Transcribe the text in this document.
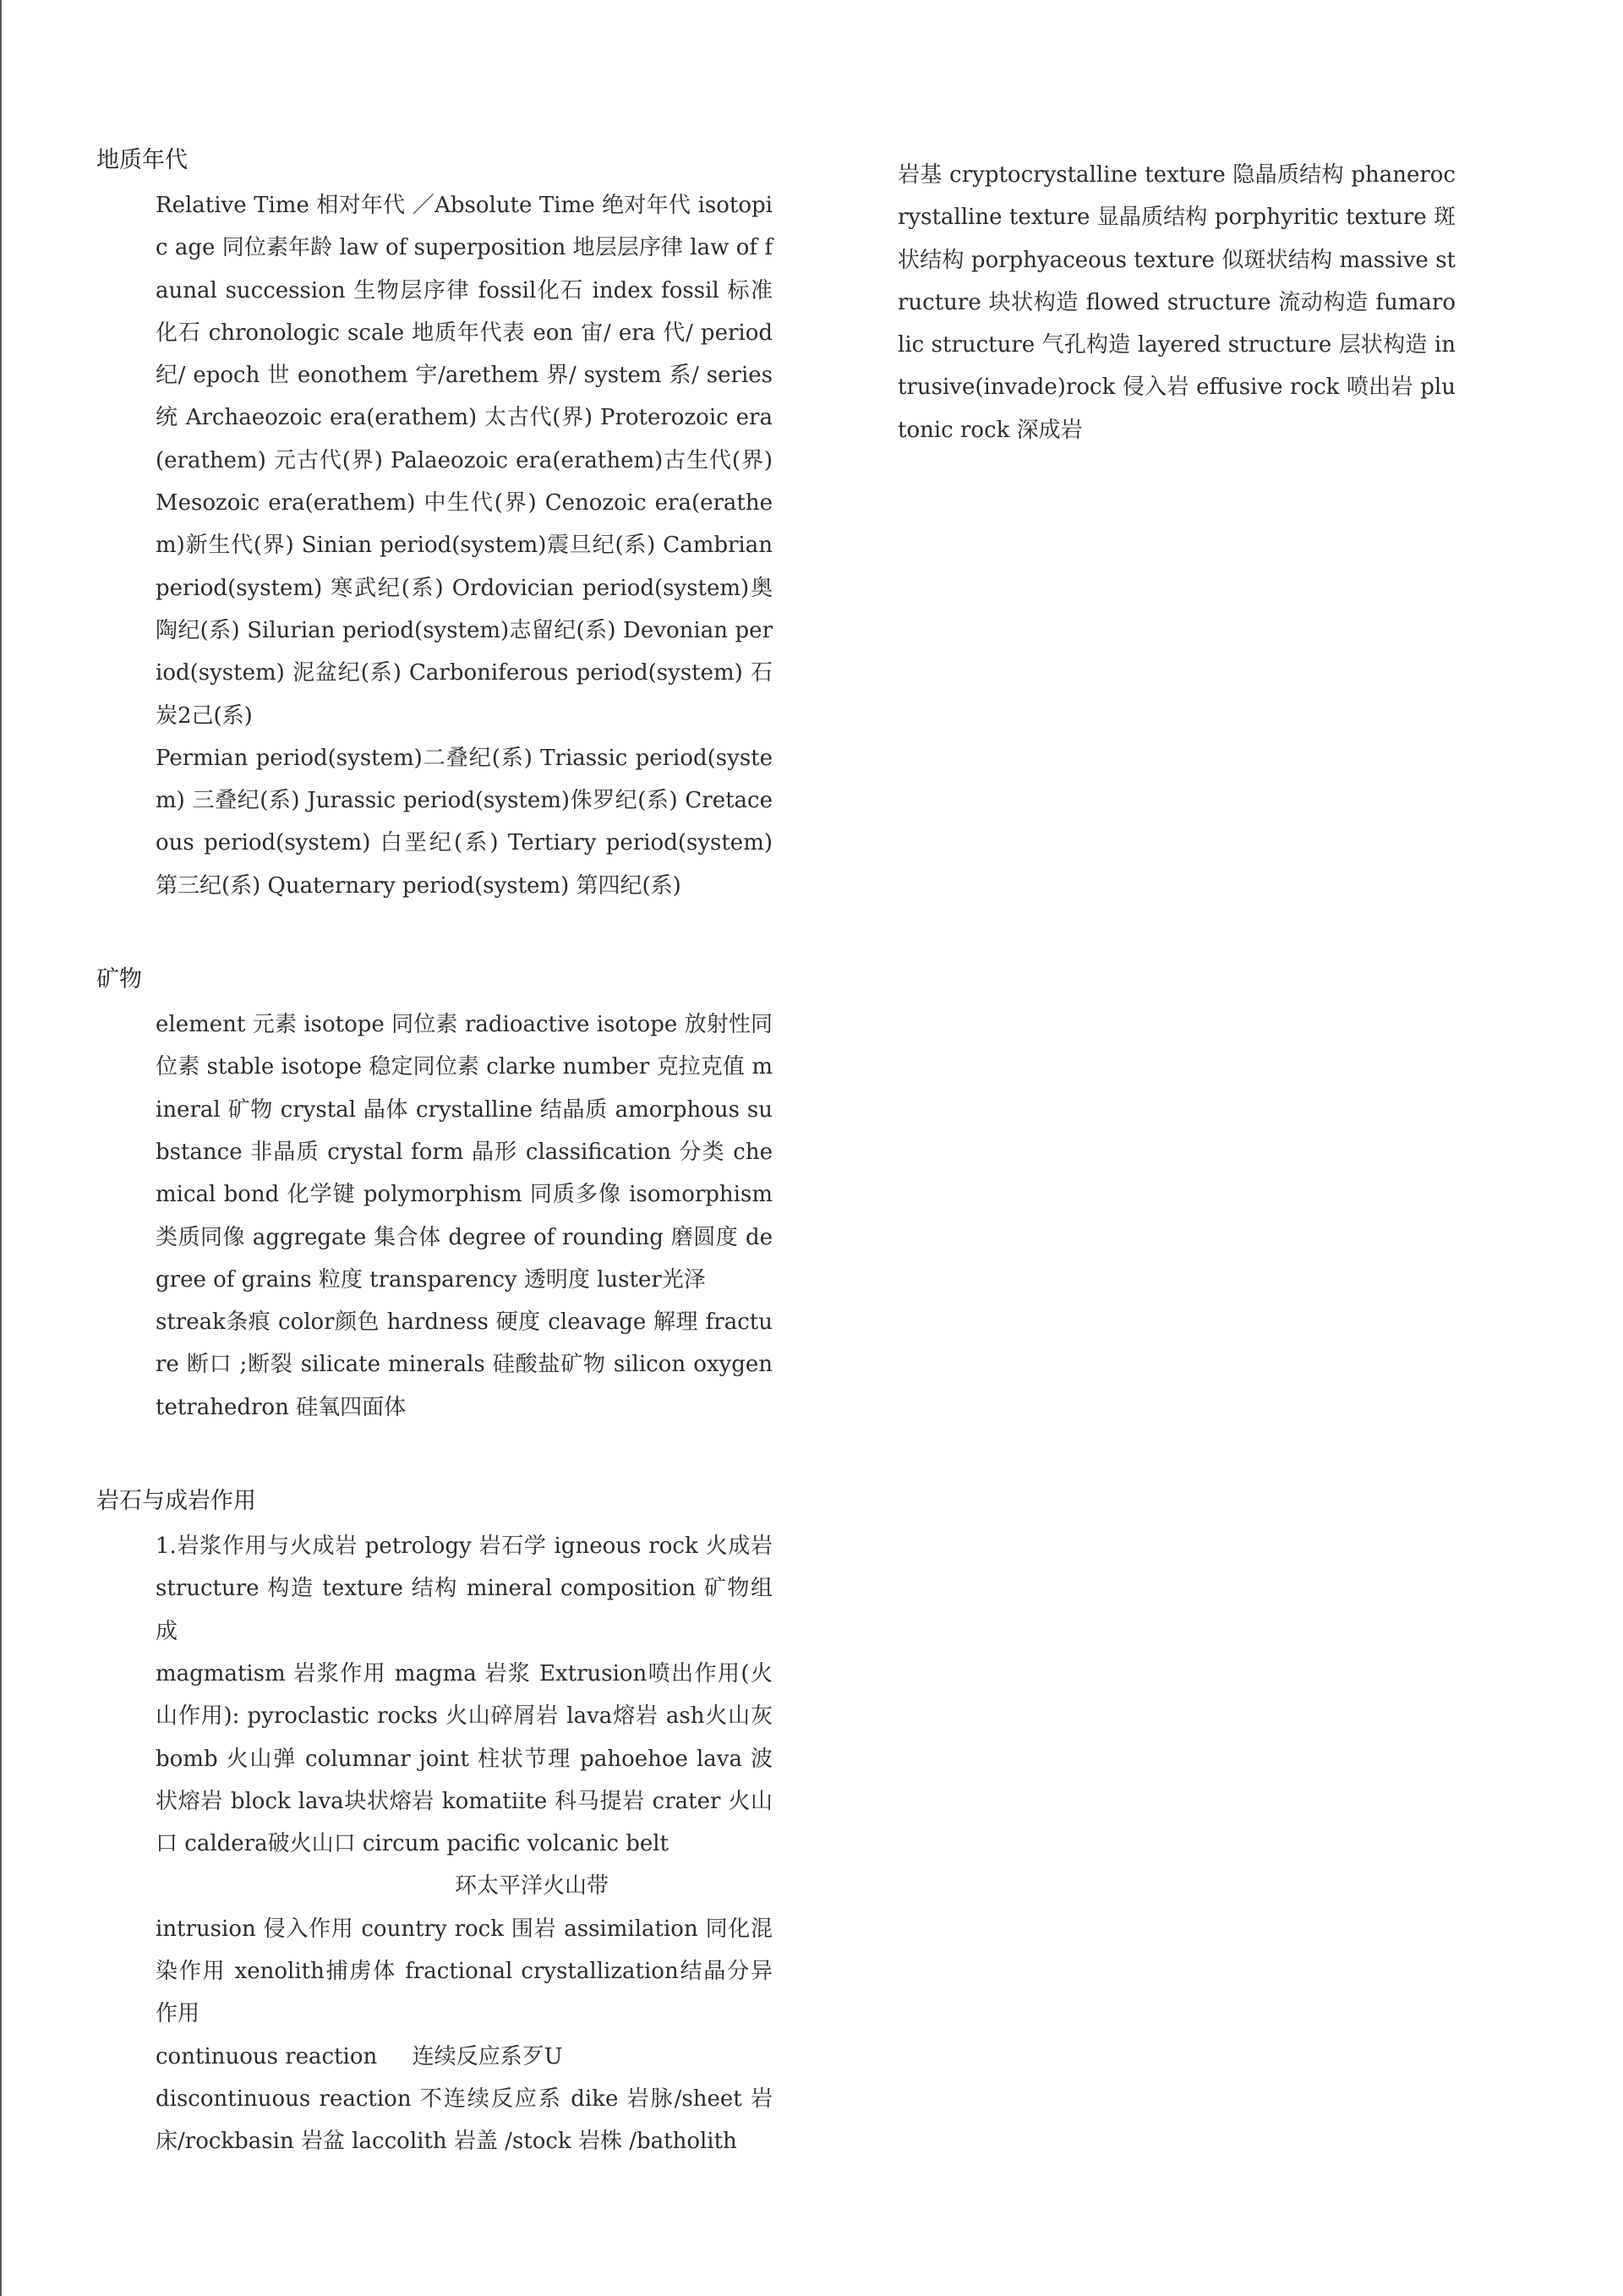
地质年代
Relative Time 相对年代 ／Absolute Time 绝对年代 isotopic age 同位素年龄 law of superposition 地层层序律 law of faunal succession 生物层序律 fossil化石 index fossil 标准化石 chronologic scale 地质年代表 eon 宙/ era 代/ period 纪/ epoch 世 eonothem 宇/arethem 界/ system 系/ series 统 Archaeozoic era(erathem) 太古代(界) Proterozoic era(erathem) 元古代(界) Palaeozoic era(erathem)古生代(界) Mesozoic era(erathem) 中生代(界) Cenozoic era(erathem)新生代(界) Sinian period(system)震旦纪(系) Cambrian period(system) 寒武纪(系) Ordovician period(system)奥陶纪(系) Silurian period(system)志留纪(系) Devonian period(system) 泥盆纪(系) Carboniferous period(system) 石炭2己(系)
Permian period(system)二叠纪(系) Triassic period(system) 三叠纪(系) Jurassic period(system)侏罗纪(系) Cretaceous period(system) 白垩纪(系) Tertiary period(system) 第三纪(系) Quaternary period(system) 第四纪(系)
矿物
element 元素 isotope 同位素 radioactive isotope 放射性同位素 stable isotope 稳定同位素 clarke number 克拉克值 mineral 矿物 crystal 晶体 crystalline 结晶质 amorphous substance 非晶质 crystal form 晶形 classification 分类 chemical bond 化学键 polymorphism 同质多像 isomorphism 类质同像 aggregate 集合体 degree of rounding 磨圆度 degree of grains 粒度 transparency 透明度 luster光泽
streak条痕 color颜色 hardness 硬度 cleavage 解理 fracture 断口 ;断裂 silicate minerals 硅酸盐矿物 silicon oxygen tetrahedron 硅氧四面体
岩石与成岩作用
1.岩浆作用与火成岩 petrology 岩石学 igneous rock 火成岩 structure 构造 texture 结构 mineral composition 矿物组成
magmatism 岩浆作用 magma 岩浆 Extrusion喷出作用(火山作用): pyroclastic rocks 火山碎屑岩 lava熔岩 ash火山灰 bomb 火山弹 columnar joint 柱状节理 pahoehoe lava 波状熔岩 block lava块状熔岩 komatiite 科马提岩 crater 火山口 caldera破火山口 circum pacific volcanic belt
环太平洋火山带
intrusion 侵入作用 country rock 围岩 assimilation 同化混染作用 xenolith捕虏体 fractional crystallization结晶分异作用
continuous reaction     连续反应系歹U
discontinuous reaction 不连续反应系 dike 岩脉/sheet 岩床/rockbasin 岩盆 laccolith 岩盖 /stock 岩株 /batholith
岩基 cryptocrystalline texture 隐晶质结构 phanerocrystalline texture 显晶质结构 porphyritic texture 斑状结构 porphyaceous texture 似斑状结构 massive structure 块状构造 flowed structure 流动构造 fumarolic structure 气孔构造 layered structure 层状构造 intrusive(invade)rock 侵入岩 effusive rock 喷出岩 plutonic rock 深成岩
